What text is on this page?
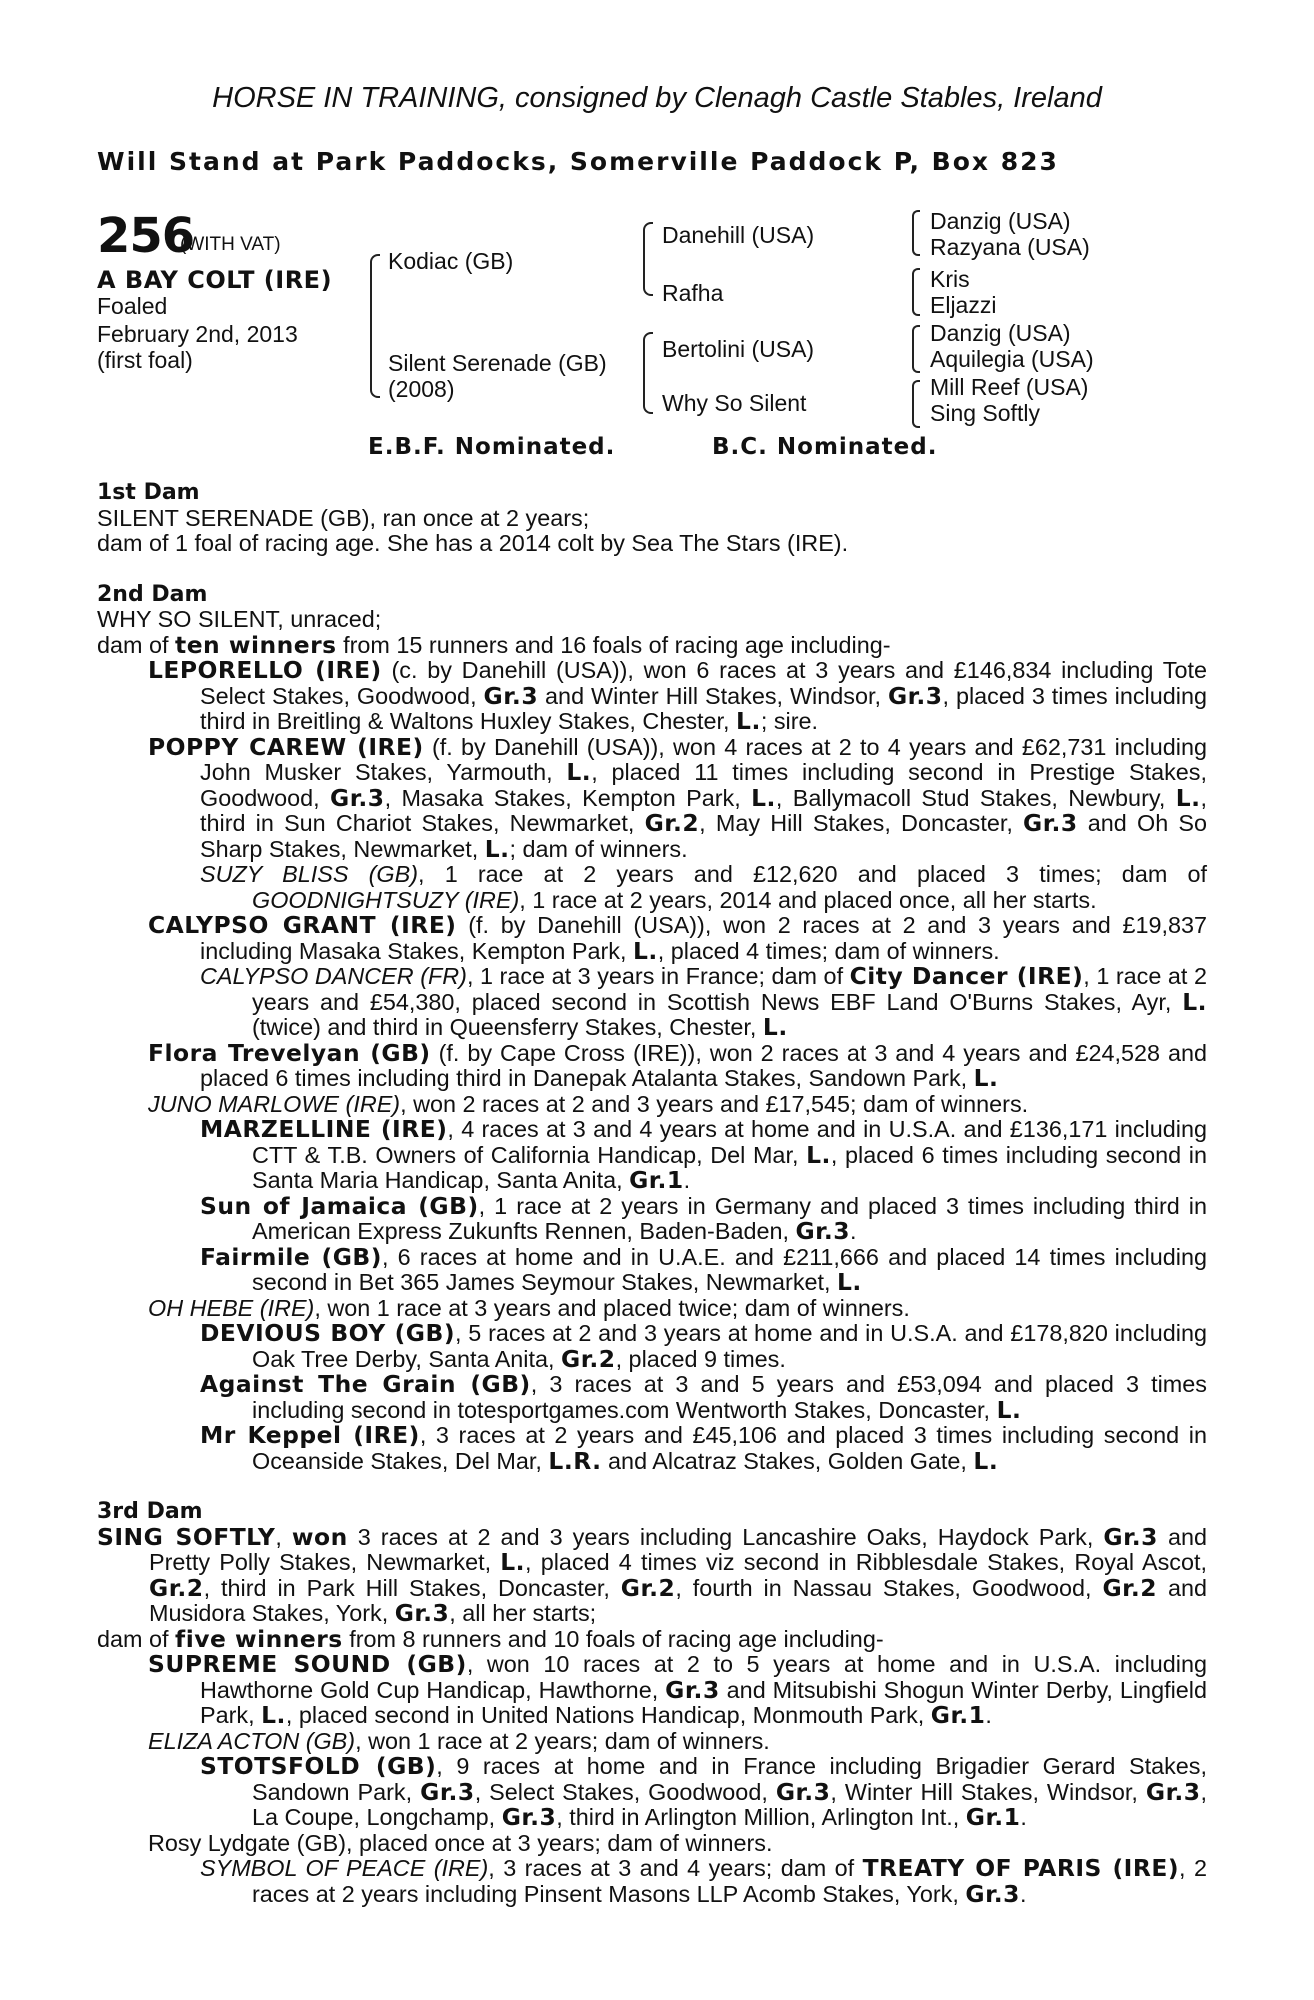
HORSE IN TRAINING, consigned by Clenagh Castle Stables, Ireland
Will Stand at Park Paddocks, Somerville Paddock P, Box 823
256
(WITH VAT)
A BAY COLT (IRE)
Foaled
February 2nd, 2013
(first foal)
Kodiac (GB)
Silent Serenade (GB)
(2008)
Danehill (USA)
Rafha
Bertolini (USA)
Why So Silent
Danzig (USA)
Razyana (USA)
Kris
Eljazzi
Danzig (USA)
Aquilegia (USA)
Mill Reef (USA)
Sing Softly
E.B.F. Nominated.	B.C. Nominated.

1st Dam

SILENT SERENADE (GB), ran once at 2 years;
dam of 1 foal of racing age. She has a 2014 colt by Sea The Stars (IRE).

2nd Dam

WHY SO SILENT, unraced;
dam of ten winners from 15 runners and 16 foals of racing age including-

LEPORELLO (IRE) (c. by Danehill (USA)), won 6 races at 3 years and £146,834 including Tote Select Stakes, Goodwood, Gr.3 and Winter Hill Stakes, Windsor, Gr.3, placed 3 times including third in Breitling & Waltons Huxley Stakes, Chester, L.; sire.

POPPY CAREW (IRE) (f. by Danehill (USA)), won 4 races at 2 to 4 years and £62,731 including John Musker Stakes, Yarmouth, L., placed 11 times including second in Prestige Stakes, Goodwood, Gr.3, Masaka Stakes, Kempton Park, L., Ballymacoll Stud Stakes, Newbury, L., third in Sun Chariot Stakes, Newmarket, Gr.2, May Hill Stakes, Doncaster, Gr.3 and Oh So Sharp Stakes, Newmarket, L.; dam of winners.

SUZY BLISS (GB), 1 race at 2 years and £12,620 and placed 3 times; dam of GOODNIGHTSUZY (IRE), 1 race at 2 years, 2014 and placed once, all her starts.

CALYPSO GRANT (IRE) (f. by Danehill (USA)), won 2 races at 2 and 3 years and £19,837 including Masaka Stakes, Kempton Park, L., placed 4 times; dam of winners.

CALYPSO DANCER (FR), 1 race at 3 years in France; dam of City Dancer (IRE), 1 race at 2 years and £54,380, placed second in Scottish News EBF Land O'Burns Stakes, Ayr, L. (twice) and third in Queensferry Stakes, Chester, L.

Flora Trevelyan (GB) (f. by Cape Cross (IRE)), won 2 races at 3 and 4 years and £24,528 and placed 6 times including third in Danepak Atalanta Stakes, Sandown Park, L.

JUNO MARLOWE (IRE), won 2 races at 2 and 3 years and £17,545; dam of winners.

MARZELLINE (IRE), 4 races at 3 and 4 years at home and in U.S.A. and £136,171 including CTT & T.B. Owners of California Handicap, Del Mar, L., placed 6 times including second in Santa Maria Handicap, Santa Anita, Gr.1.

Sun of Jamaica (GB), 1 race at 2 years in Germany and placed 3 times including third in American Express Zukunfts Rennen, Baden-Baden, Gr.3.

Fairmile (GB), 6 races at home and in U.A.E. and £211,666 and placed 14 times including second in Bet 365 James Seymour Stakes, Newmarket, L.

OH HEBE (IRE), won 1 race at 3 years and placed twice; dam of winners.

DEVIOUS BOY (GB), 5 races at 2 and 3 years at home and in U.S.A. and £178,820 including Oak Tree Derby, Santa Anita, Gr.2, placed 9 times.

Against The Grain (GB), 3 races at 3 and 5 years and £53,094 and placed 3 times including second in totesportgames.com Wentworth Stakes, Doncaster, L.

Mr Keppel (IRE), 3 races at 2 years and £45,106 and placed 3 times including second in Oceanside Stakes, Del Mar, L.R. and Alcatraz Stakes, Golden Gate, L.

3rd Dam

SING SOFTLY, won 3 races at 2 and 3 years including Lancashire Oaks, Haydock Park, Gr.3 and Pretty Polly Stakes, Newmarket, L., placed 4 times viz second in Ribblesdale Stakes, Royal Ascot, Gr.2, third in Park Hill Stakes, Doncaster, Gr.2, fourth in Nassau Stakes, Goodwood, Gr.2 and Musidora Stakes, York, Gr.3, all her starts;

dam of five winners from 8 runners and 10 foals of racing age including-

SUPREME SOUND (GB), won 10 races at 2 to 5 years at home and in U.S.A. including Hawthorne Gold Cup Handicap, Hawthorne, Gr.3 and Mitsubishi Shogun Winter Derby, Lingfield Park, L., placed second in United Nations Handicap, Monmouth Park, Gr.1.

ELIZA ACTON (GB), won 1 race at 2 years; dam of winners.

STOTSFOLD (GB), 9 races at home and in France including Brigadier Gerard Stakes, Sandown Park, Gr.3, Select Stakes, Goodwood, Gr.3, Winter Hill Stakes, Windsor, Gr.3, La Coupe, Longchamp, Gr.3, third in Arlington Million, Arlington Int., Gr.1.

Rosy Lydgate (GB), placed once at 3 years; dam of winners.

SYMBOL OF PEACE (IRE), 3 races at 3 and 4 years; dam of TREATY OF PARIS (IRE), 2 races at 2 years including Pinsent Masons LLP Acomb Stakes, York, Gr.3.
